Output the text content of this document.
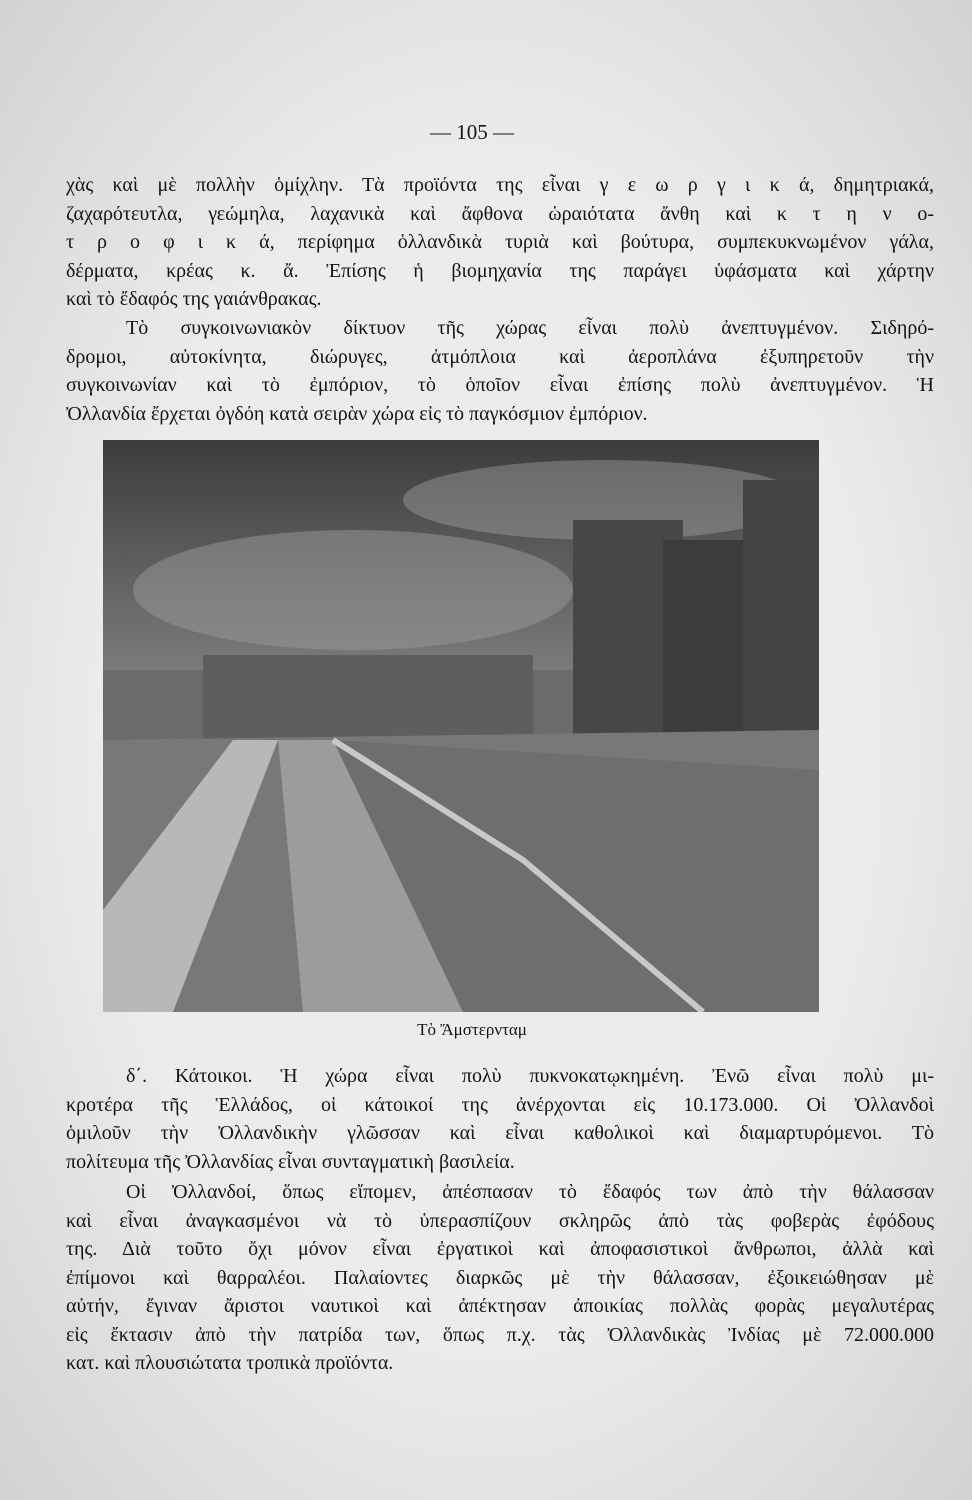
— 105 —
χὰς καὶ μὲ πολλὴν ὁμίχλην. Τὰ προϊόντα της εἶναι γ ε ω ρ γ ι κ ά, δημητριακά,
ζαχαρότευτλα, γεώμηλα, λαχανικὰ καὶ ἄφθονα ὡραιότατα ἄνθη καὶ κ τ η ν ο-
τ ρ ο φ ι κ ά, περίφημα ὁλλανδικὰ τυριὰ καὶ βούτυρα, συμπεκυκνωμένον γάλα,
δέρματα, κρέας κ. ἄ. Ἐπίσης ἡ βιομηχανία της παράγει ὑφάσματα καὶ χάρτην
καὶ τὸ ἔδαφός της γαιάνθρακας.
Τὸ συγκοινωνιακὸν δίκτυον τῆς χώρας εἶναι πολὺ ἀνεπτυγμένον. Σιδηρό-
δρομοι, αὐτοκίνητα, διώρυγες, ἀτμόπλοια καὶ ἀεροπλάνα ἐξυπηρετοῦν τὴν
συγκοινωνίαν καὶ τὸ ἐμπόριον, τὸ ὁποῖον εἶναι ἐπίσης πολὺ ἀνεπτυγμένον. Ἡ
Ὀλλανδία ἔρχεται ὀγδόη κατὰ σειρὰν χώρα εἰς τὸ παγκόσμιον ἐμπόριον.
Τὸ Ἄμστερνταμ
δ΄. Κάτοικοι. Ἡ χώρα εἶναι πολὺ πυκνοκατῳκημένη. Ἐνῶ εἶναι πολὺ μι-
κροτέρα τῆς Ἑλλάδος, οἱ κάτοικοί της ἀνέρχονται εἰς 10.173.000. Οἱ Ὀλλανδοὶ
ὁμιλοῦν τὴν Ὀλλανδικὴν γλῶσσαν καὶ εἶναι καθολικοὶ καὶ διαμαρτυρόμενοι. Τὸ
πολίτευμα τῆς Ὀλλανδίας εἶναι συνταγματικὴ βασιλεία.
Οἱ Ὀλλανδοί, ὅπως εἴπομεν, ἀπέσπασαν τὸ ἔδαφός των ἀπὸ τὴν θάλασσαν
καὶ εἶναι ἀναγκασμένοι νὰ τὸ ὑπερασπίζουν σκληρῶς ἀπὸ τὰς φοβερὰς ἐφόδους
της. Διὰ τοῦτο ὄχι μόνον εἶναι ἐργατικοὶ καὶ ἀποφασιστικοὶ ἄνθρωποι, ἀλλὰ καὶ
ἐπίμονοι καὶ θαρραλέοι. Παλαίοντες διαρκῶς μὲ τὴν θάλασσαν, ἐξοικειώθησαν μὲ
αὐτήν, ἔγιναν ἄριστοι ναυτικοὶ καὶ ἀπέκτησαν ἀποικίας πολλὰς φορὰς μεγαλυτέρας
εἰς ἔκτασιν ἀπὸ τὴν πατρίδα των, ὅπως π.χ. τὰς Ὀλλανδικὰς Ἰνδίας μὲ 72.000.000
κατ. καὶ πλουσιώτατα τροπικὰ προϊόντα.
